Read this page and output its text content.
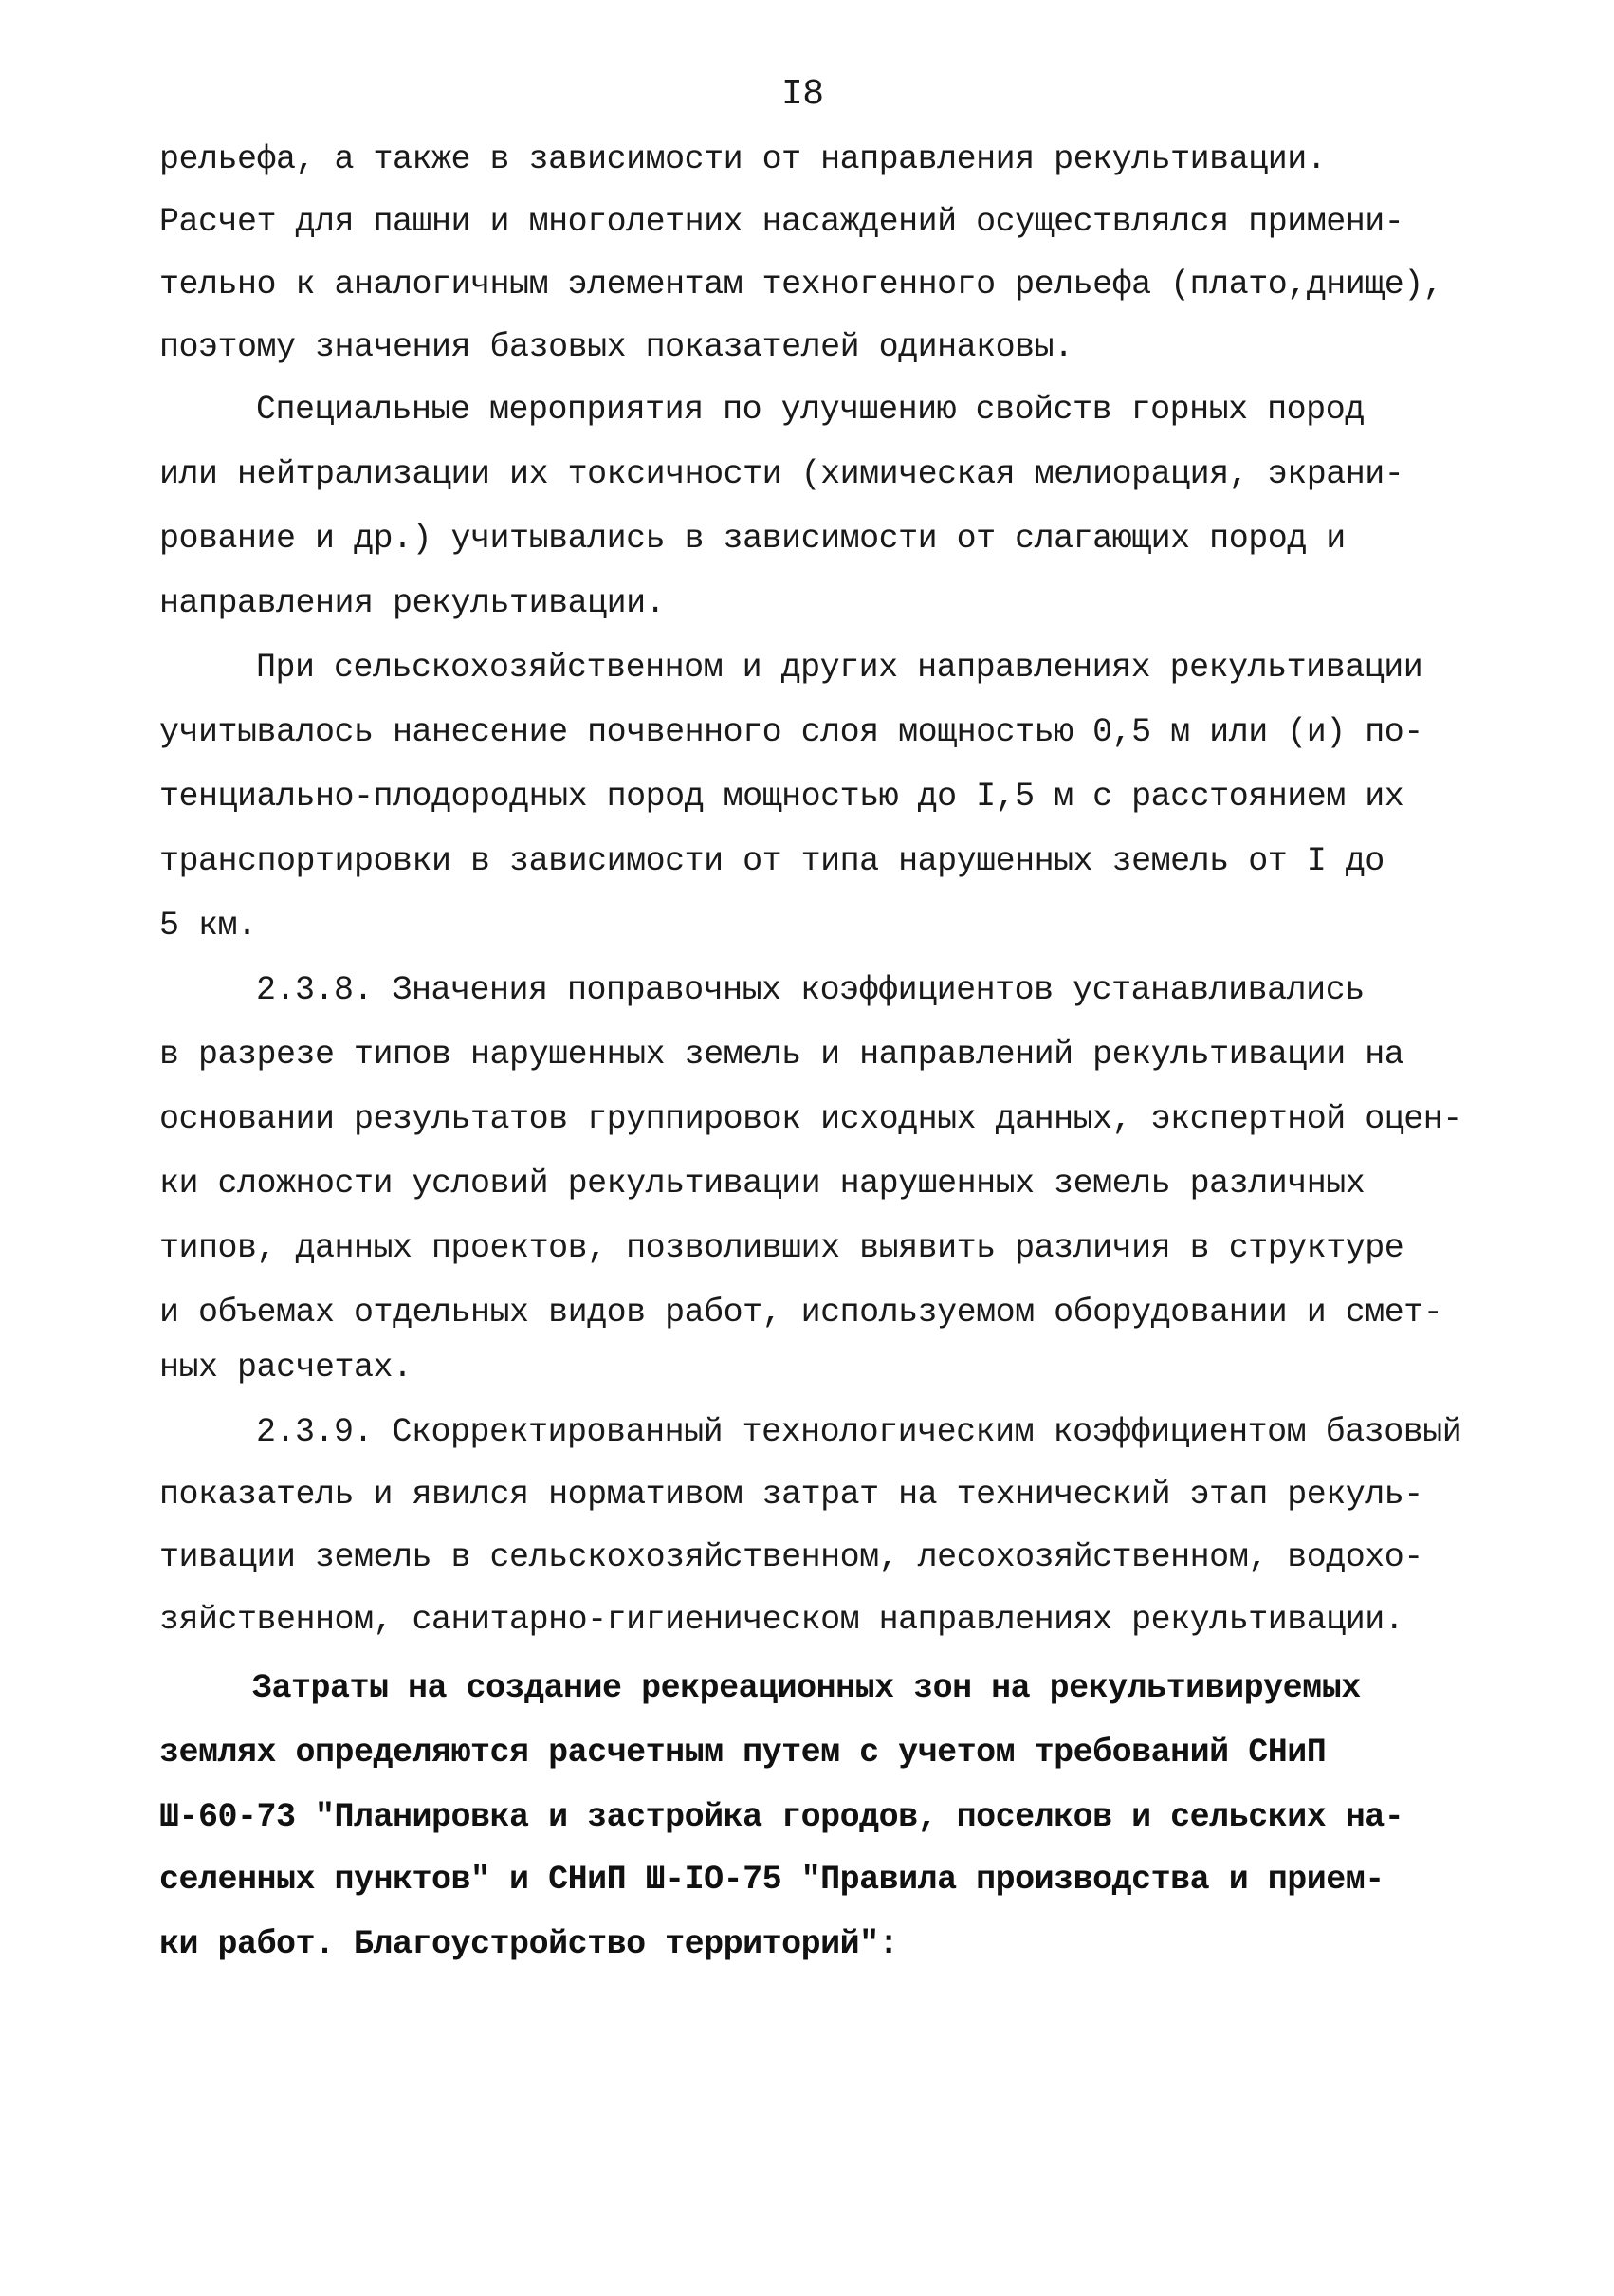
I8
рельефа, а также в зависимости от направления рекультивации.
Расчет для пашни и многолетних насаждений осуществлялся примени-
тельно к аналогичным элементам техногенного рельефа (плато,днище),
поэтому значения базовых показателей одинаковы.
Специальные мероприятия по улучшению свойств горных пород
или нейтрализации их токсичности (химическая мелиорация, экрани-
рование и др.) учитывались в зависимости от слагающих пород и
направления рекультивации.
При сельскохозяйственном и других направлениях рекультивации
учитывалось нанесение почвенного слоя мощностью 0,5 м или (и) по-
тенциально-плодородных пород мощностью до I,5 м с расстоянием их
транспортировки в зависимости от типа нарушенных земель от I до
5 км.
2.3.8. Значения поправочных коэффициентов устанавливались
в разрезе типов нарушенных земель и направлений рекультивации на
основании результатов группировок исходных данных, экспертной оцен-
ки сложности условий рекультивации нарушенных земель различных
типов, данных проектов, позволивших выявить различия в структуре
и объемах отдельных видов работ, используемом оборудовании и смет-
ных расчетах.
2.3.9. Скорректированный технологическим коэффициентом базовый
показатель и явился нормативом затрат на технический этап рекуль-
тивации земель в сельскохозяйственном, лесохозяйственном, водохо-
зяйственном, санитарно-гигиеническом направлениях рекультивации.
Затраты на создание рекреационных зон на рекультивируемых
землях определяются расчетным путем с учетом требований СНиП
Ш-60-73 "Планировка и застройка городов, поселков и сельских на-
селенных пунктов" и СНиП Ш-IO-75 "Правила производства и прием-
ки работ. Благоустройство территорий":
